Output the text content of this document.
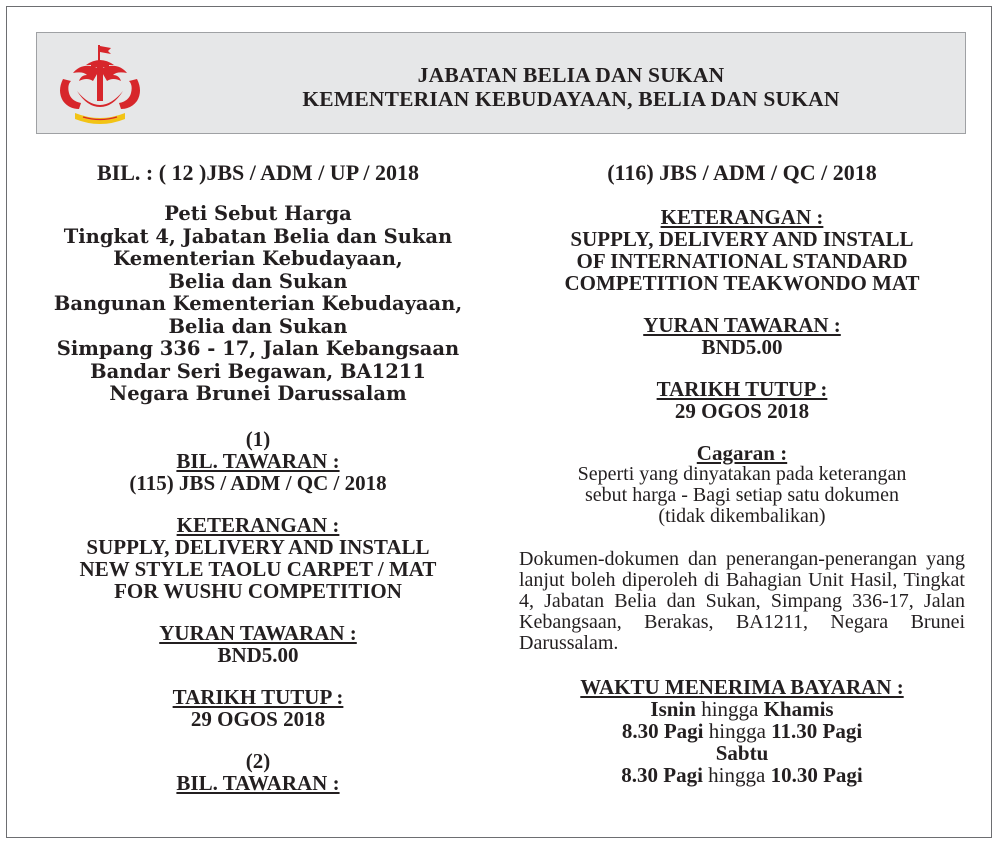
JABATAN BELIA DAN SUKAN
KEMENTERIAN KEBUDAYAAN, BELIA DAN SUKAN
BIL. : ( 12 )JBS / ADM / UP / 2018
Peti Sebut Harga
Tingkat 4, Jabatan Belia dan Sukan
Kementerian Kebudayaan,
Belia dan Sukan
Bangunan Kementerian Kebudayaan,
Belia dan Sukan
Simpang 336 - 17, Jalan Kebangsaan
Bandar Seri Begawan, BA1211
Negara Brunei Darussalam
(1)
BIL. TAWARAN :
(115) JBS / ADM / QC / 2018
KETERANGAN :
SUPPLY, DELIVERY AND INSTALL
NEW STYLE TAOLU CARPET / MAT
FOR WUSHU COMPETITION
YURAN TAWARAN :
BND5.00
TARIKH TUTUP :
29 OGOS 2018
(2)
BIL. TAWARAN :
(116) JBS / ADM / QC / 2018
KETERANGAN :
SUPPLY, DELIVERY AND INSTALL
OF INTERNATIONAL STANDARD
COMPETITION TEAKWONDO MAT
YURAN TAWARAN :
BND5.00
TARIKH TUTUP :
29 OGOS 2018
Cagaran :
Seperti yang dinyatakan pada keterangan
sebut harga - Bagi setiap satu dokumen
(tidak dikembalikan)
Dokumen-dokumen dan penerangan-penerangan yang lanjut boleh diperoleh di Bahagian Unit Hasil, Tingkat 4, Jabatan Belia dan Sukan, Simpang 336-17, Jalan Kebangsaan, Berakas, BA1211, Negara Brunei Darussalam.
WAKTU MENERIMA BAYARAN :
Isnin hingga Khamis
8.30 Pagi hingga 11.30 Pagi
Sabtu
8.30 Pagi hingga 10.30 Pagi
